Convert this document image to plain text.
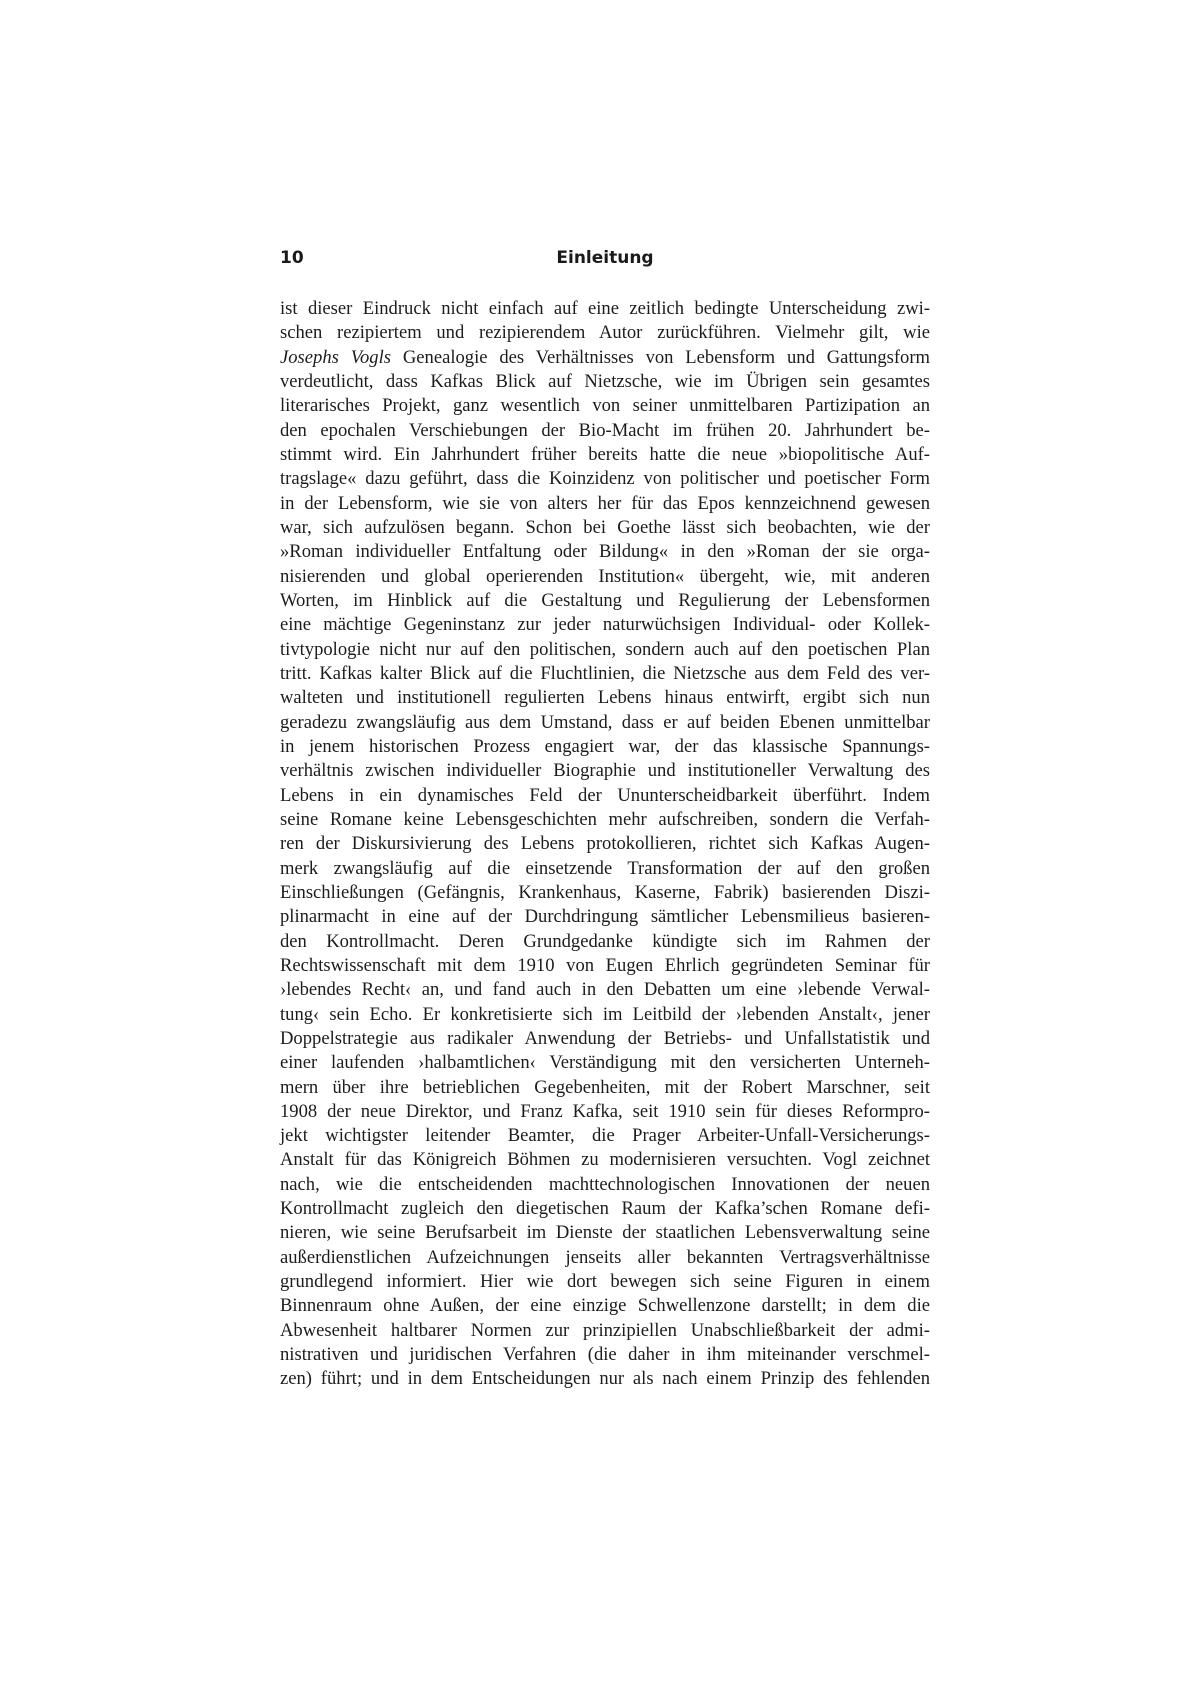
10	Einleitung
ist dieser Eindruck nicht einfach auf eine zeitlich bedingte Unterscheidung zwi-
schen rezipiertem und rezipierendem Autor zurückführen. Vielmehr gilt, wie
Josephs Vogls Genealogie des Verhältnisses von Lebensform und Gattungsform
verdeutlicht, dass Kafkas Blick auf Nietzsche, wie im Übrigen sein gesamtes
literarisches Projekt, ganz wesentlich von seiner unmittelbaren Partizipation an
den epochalen Verschiebungen der Bio-Macht im frühen 20. Jahrhundert be-
stimmt wird. Ein Jahrhundert früher bereits hatte die neue »biopolitische Auf-
tragslage« dazu geführt, dass die Koinzidenz von politischer und poetischer Form
in der Lebensform, wie sie von alters her für das Epos kennzeichnend gewesen
war, sich aufzulösen begann. Schon bei Goethe lässt sich beobachten, wie der
»Roman individueller Entfaltung oder Bildung« in den »Roman der sie orga-
nisierenden und global operierenden Institution« übergeht, wie, mit anderen
Worten, im Hinblick auf die Gestaltung und Regulierung der Lebensformen
eine mächtige Gegeninstanz zur jeder naturwüchsigen Individual- oder Kollek-
tivtypologie nicht nur auf den politischen, sondern auch auf den poetischen Plan
tritt. Kafkas kalter Blick auf die Fluchtlinien, die Nietzsche aus dem Feld des ver-
walteten und institutionell regulierten Lebens hinaus entwirft, ergibt sich nun
geradezu zwangsläufig aus dem Umstand, dass er auf beiden Ebenen unmittelbar
in jenem historischen Prozess engagiert war, der das klassische Spannungs-
verhältnis zwischen individueller Biographie und institutioneller Verwaltung des
Lebens in ein dynamisches Feld der Ununterscheidbarkeit überführt. Indem
seine Romane keine Lebensgeschichten mehr aufschreiben, sondern die Verfah-
ren der Diskursivierung des Lebens protokollieren, richtet sich Kafkas Augen-
merk zwangsläufig auf die einsetzende Transformation der auf den großen
Einschließungen (Gefängnis, Krankenhaus, Kaserne, Fabrik) basierenden Diszi-
plinarmacht in eine auf der Durchdringung sämtlicher Lebensmilieus basieren-
den Kontrollmacht. Deren Grundgedanke kündigte sich im Rahmen der
Rechtswissenschaft mit dem 1910 von Eugen Ehrlich gegründeten Seminar für
›lebendes Recht‹ an, und fand auch in den Debatten um eine ›lebende Verwal-
tung‹ sein Echo. Er konkretisierte sich im Leitbild der ›lebenden Anstalt‹, jener
Doppelstrategie aus radikaler Anwendung der Betriebs- und Unfallstatistik und
einer laufenden ›halbamtlichen‹ Verständigung mit den versicherten Unterneh-
mern über ihre betrieblichen Gegebenheiten, mit der Robert Marschner, seit
1908 der neue Direktor, und Franz Kafka, seit 1910 sein für dieses Reformpro-
jekt wichtigster leitender Beamter, die Prager Arbeiter-Unfall-Versicherungs-
Anstalt für das Königreich Böhmen zu modernisieren versuchten. Vogl zeichnet
nach, wie die entscheidenden machttechnologischen Innovationen der neuen
Kontrollmacht zugleich den diegetischen Raum der Kafka’schen Romane defi-
nieren, wie seine Berufsarbeit im Dienste der staatlichen Lebensverwaltung seine
außerdienstlichen Aufzeichnungen jenseits aller bekannten Vertragsverhältnisse
grundlegend informiert. Hier wie dort bewegen sich seine Figuren in einem
Binnenraum ohne Außen, der eine einzige Schwellenzone darstellt; in dem die
Abwesenheit haltbarer Normen zur prinzipiellen Unabschließbarkeit der admi-
nistrativen und juridischen Verfahren (die daher in ihm miteinander verschmel-
zen) führt; und in dem Entscheidungen nur als nach einem Prinzip des fehlenden
